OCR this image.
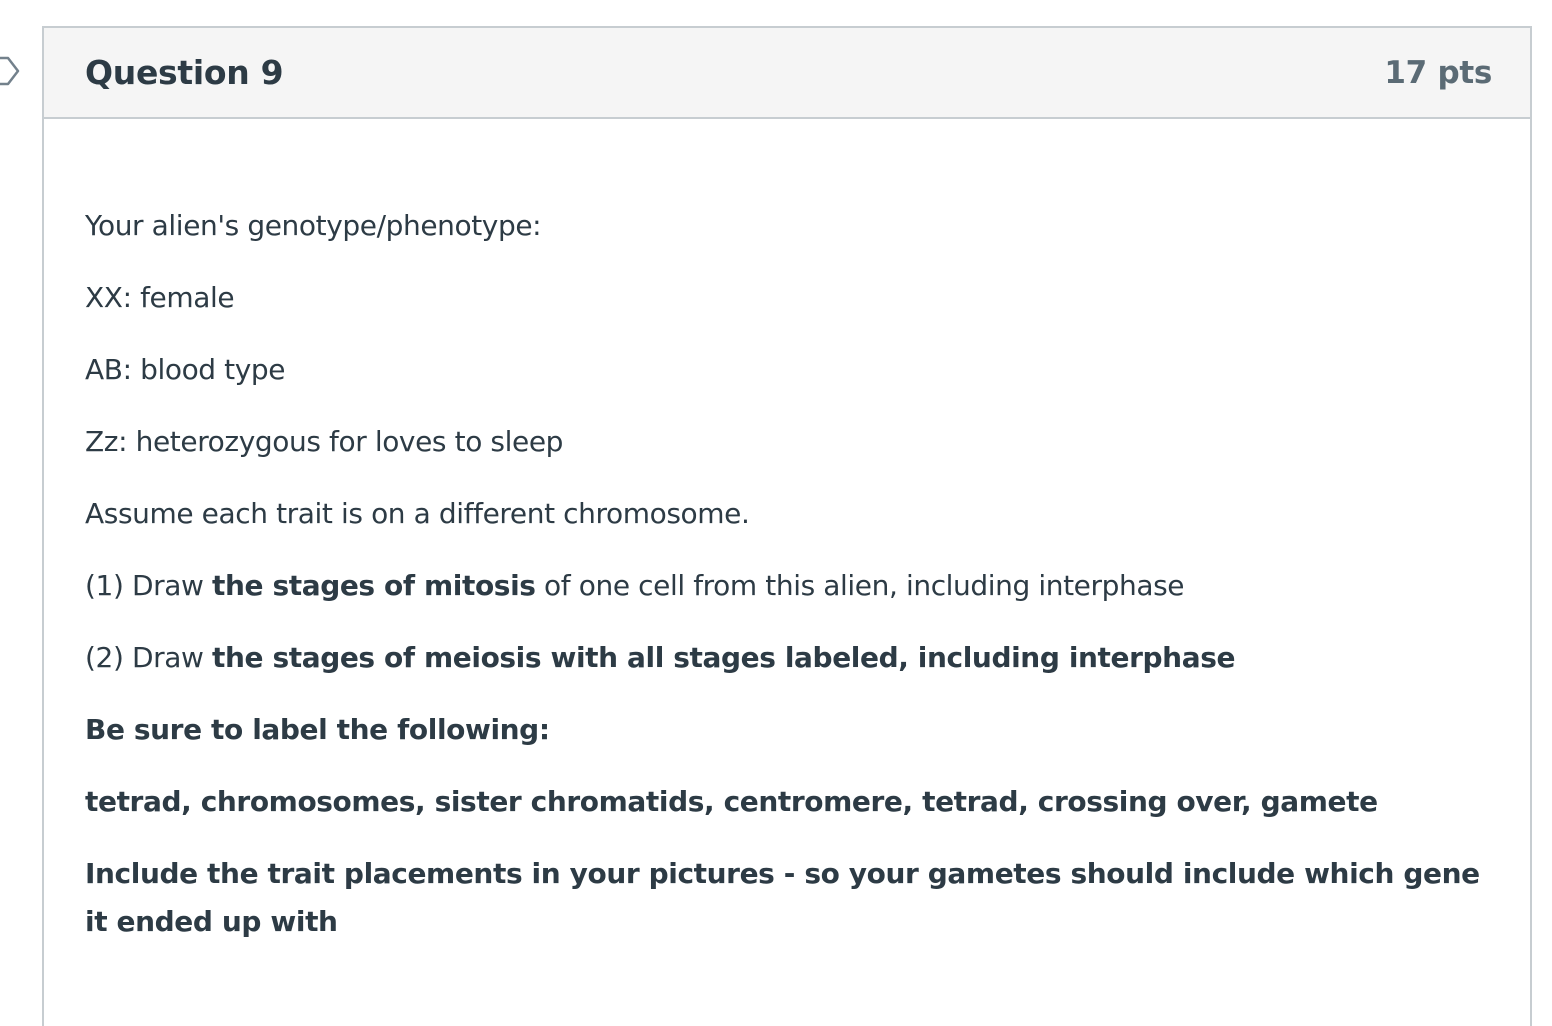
Question 9	17 pts

Your alien's genotype/phenotype:

XX: female

AB: blood type

Zz: heterozygous for loves to sleep

Assume each trait is on a different chromosome.

(1) Draw the stages of mitosis of one cell from this alien, including interphase

(2) Draw the stages of meiosis with all stages labeled, including interphase

Be sure to label the following:

tetrad, chromosomes, sister chromatids, centromere, tetrad, crossing over, gamete

Include the trait placements in your pictures - so your gametes should include which gene it ended up with
